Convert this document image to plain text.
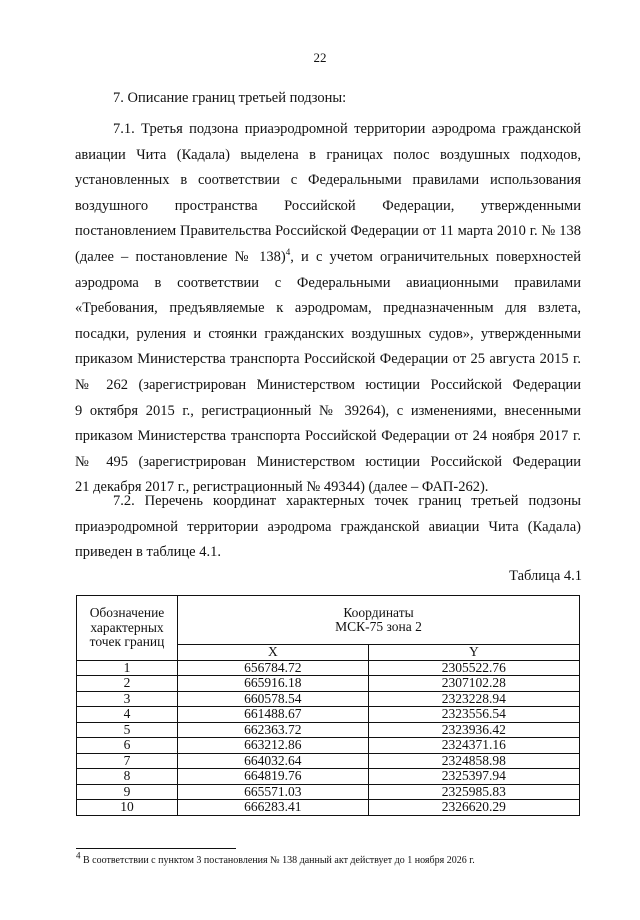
22
7. Описание границ третьей подзоны:
7.1. Третья подзона приаэродромной территории аэродрома гражданской
авиации Чита (Кадала) выделена в границах полос воздушных подходов,
установленных в соответствии с Федеральными правилами использования
воздушного пространства Российской Федерации, утвержденными
постановлением Правительства Российской Федерации от 11 марта 2010 г. № 138
(далее – постановление № 138)$^4$, и с учетом ограничительных поверхностей
аэродрома в соответствии с Федеральными авиационными правилами
«Требования, предъявляемые к аэродромам, предназначенным для взлета,
посадки, руления и стоянки гражданских воздушных судов», утвержденными
приказом Министерства транспорта Российской Федерации от 25 августа 2015 г.
№ 262 (зарегистрирован Министерством юстиции Российской Федерации
9 октября 2015 г., регистрационный № 39264), с изменениями, внесенными
приказом Министерства транспорта Российской Федерации от 24 ноября 2017 г.
№ 495 (зарегистрирован Министерством юстиции Российской Федерации
21 декабря 2017 г., регистрационный № 49344) (далее – ФАП-262).
7.2. Перечень координат характерных точек границ третьей подзоны
приаэродромной территории аэродрома гражданской авиации Чита (Кадала)
приведен в таблице 4.1.
Таблица 4.1
Обозначение характерных точек границ	Координаты
МСК-75 зона 2	

	X	Y
1	656784.72	2305522.76
2	665916.18	2307102.28
3	660578.54	2323228.94
4	661488.67	2323556.54
5	662363.72	2323936.42
6	663212.86	2324371.16
7	664032.64	2324858.98
8	664819.76	2325397.94
9	665571.03	2325985.83
10	666283.41	2326620.29
$^4$ В соответствии с пунктом 3 постановления № 138 данный акт действует до 1 ноября 2026 г.
